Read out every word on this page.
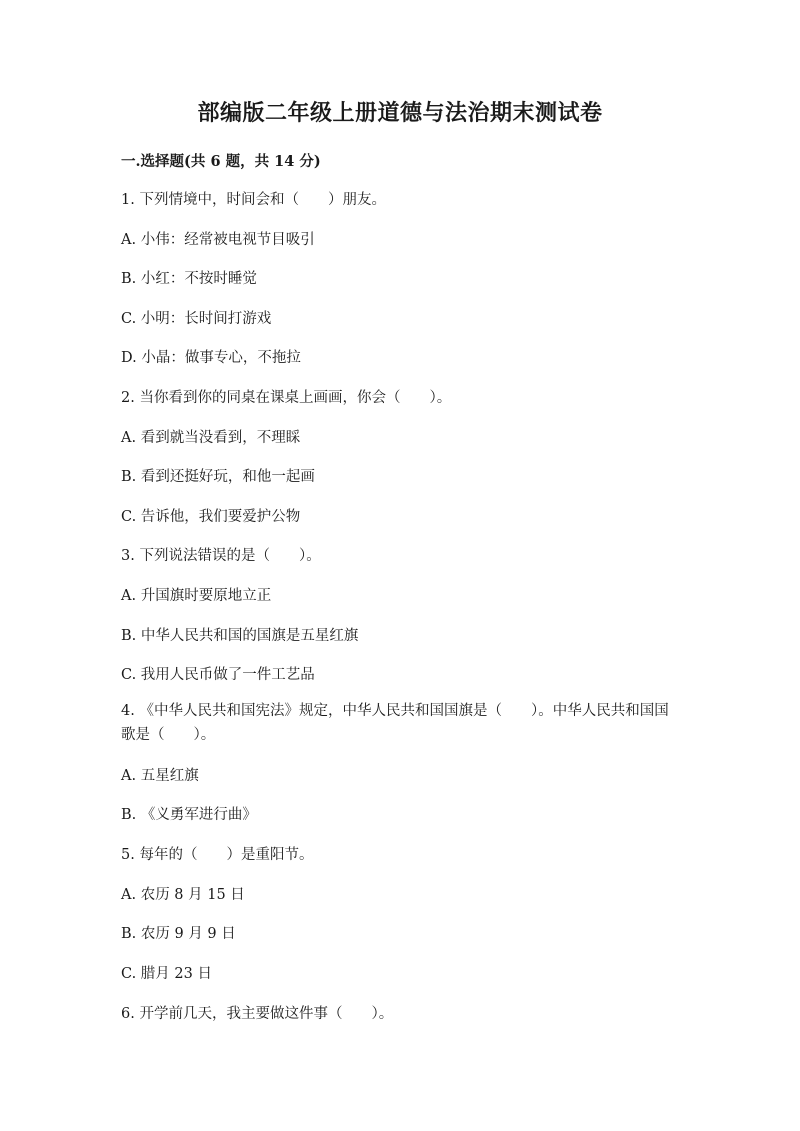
部编版二年级上册道德与法治期末测试卷
一.选择题(共 6 题，共 14 分)
1. 下列情境中，时间会和（　　）朋友。
A. 小伟：经常被电视节目吸引
B. 小红：不按时睡觉
C. 小明：长时间打游戏
D. 小晶：做事专心，不拖拉
2. 当你看到你的同桌在课桌上画画，你会（　　）。
A. 看到就当没看到，不理睬
B. 看到还挺好玩，和他一起画
C. 告诉他，我们要爱护公物
3. 下列说法错误的是（　　）。
A. 升国旗时要原地立正
B. 中华人民共和国的国旗是五星红旗
C. 我用人民币做了一件工艺品
4. 《中华人民共和国宪法》规定，中华人民共和国国旗是（　　）。中华人民共和国国歌是（　　）。
A. 五星红旗
B. 《义勇军进行曲》
5. 每年的（　　）是重阳节。
A. 农历 8 月 15 日
B. 农历 9 月 9 日
C. 腊月 23 日
6. 开学前几天，我主要做这件事（　　）。
